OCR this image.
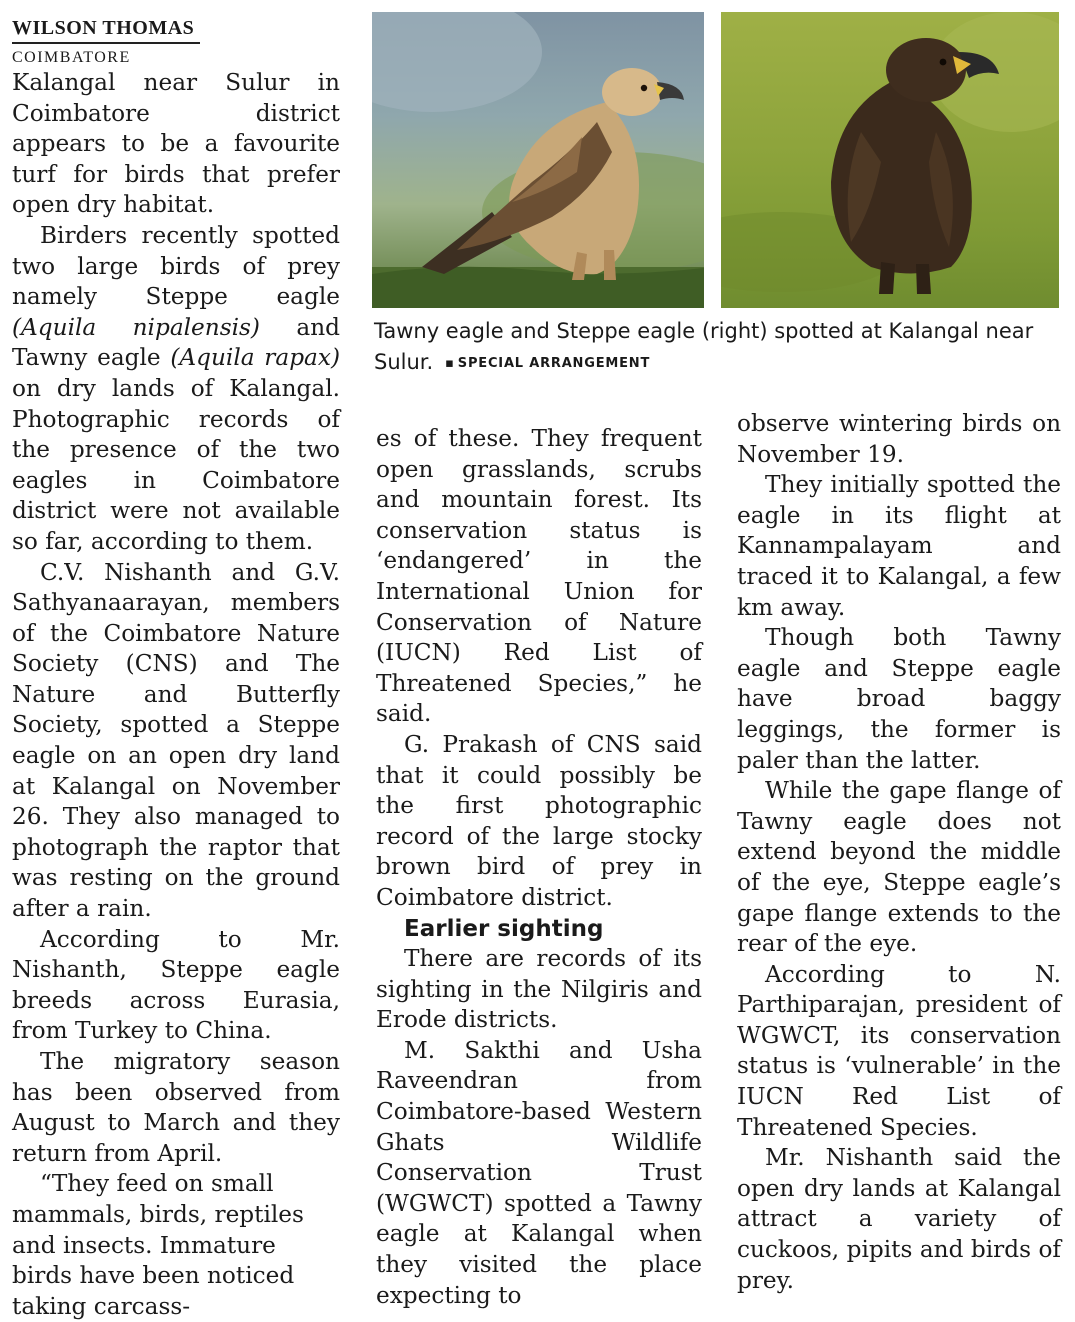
WILSON THOMAS
COIMBATORE
Tawny eagle and Steppe eagle (right) spotted at Kalangal near Sulur.▪ SPECIAL ARRANGEMENT

Kalangal near Sulur in Coimbatore district appears to be a favourite turf for birds that prefer open dry habitat.

Birders recently spotted two large birds of prey namely Steppe eagle (Aquila nipalensis) and Tawny eagle (Aquila rapax) on dry lands of Kalangal. Photographic records of the presence of the two eagles in Coimbatore district were not available so far, according to them.

C.V. Nishanth and G.V. Sathyanaarayan, members of the Coimbatore Nature Society (CNS) and The Nature and Butterfly Society, spotted a Steppe eagle on an open dry land at Kalangal on November 26. They also managed to photograph the raptor that was resting on the ground after a rain.

According to Mr. Nishanth, Steppe eagle breeds across Eurasia, from Turkey to China.

The migratory season has been observed from August to March and they return from April.

“They feed on small mammals, birds, reptiles and insects. Immature birds have been noticed taking carcass-

es of these. They frequent open grasslands, scrubs and mountain forest. Its conservation status is ‘endangered’ in the International Union for Conservation of Nature (IUCN) Red List of Threatened Species,” he said.

G. Prakash of CNS said that it could possibly be the first photographic record of the large stocky brown bird of prey in Coimbatore district.

Earlier sighting

There are records of its sighting in the Nilgiris and Erode districts.

M. Sakthi and Usha Raveendran from Coimbatore-based Western Ghats Wildlife Conservation Trust (WGWCT) spotted a Tawny eagle at Kalangal when they visited the place expecting to

observe wintering birds on November 19.

They initially spotted the eagle in its flight at Kannampalayam and traced it to Kalangal, a few km away.

Though both Tawny eagle and Steppe eagle have broad baggy leggings, the former is paler than the latter.

While the gape flange of Tawny eagle does not extend beyond the middle of the eye, Steppe eagle’s gape flange extends to the rear of the eye.

According to N. Parthiparajan, president of WGWCT, its conservation status is ‘vulnerable’ in the IUCN Red List of Threatened Species.

Mr. Nishanth said the open dry lands at Kalangal attract a variety of cuckoos, pipits and birds of prey.
